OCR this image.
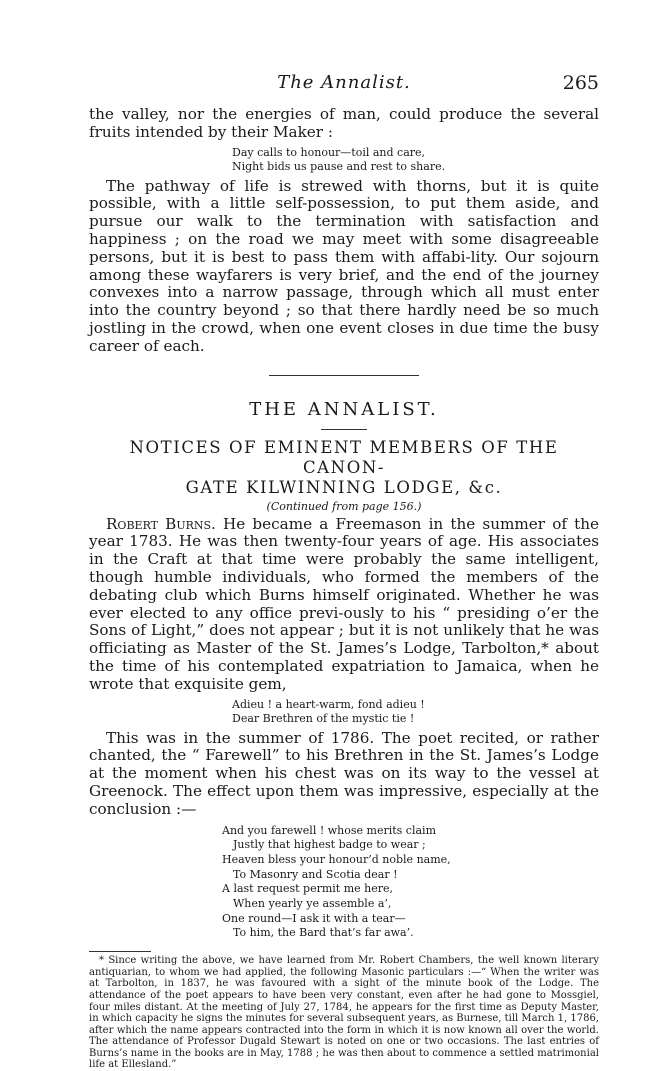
The Annalist.	265

the valley, nor the energies of man, could produce the several fruits intended by their Maker :

Day calls to honour—toil and care,
Night bids us pause and rest to share.

The pathway of life is strewed with thorns, but it is quite possible, with a little self-possession, to put them aside, and pursue our walk to the termination with satisfaction and happiness ; on the road we may meet with some disagreeable persons, but it is best to pass them with affabi-lity. Our sojourn among these wayfarers is very brief, and the end of the journey convexes into a narrow passage, through which all must enter into the country beyond ; so that there hardly need be so much jostling in the crowd, when one event closes in due time the busy career of each.

THE ANNALIST.
NOTICES OF EMINENT MEMBERS OF THE CANON-
GATE KILWINNING LODGE, &c.
(Continued from page 156.)

Robert Burns. He became a Freemason in the summer of the year 1783. He was then twenty-four years of age. His associates in the Craft at that time were probably the same intelligent, though humble individuals, who formed the members of the debating club which Burns himself originated. Whether he was ever elected to any office previ-ously to his “ presiding o’er the Sons of Light,” does not appear ; but it is not unlikely that he was officiating as Master of the St. James’s Lodge, Tarbolton,* about the time of his contemplated expatriation to Jamaica, when he wrote that exquisite gem,

Adieu ! a heart-warm, fond adieu !
Dear Brethren of the mystic tie !

This was in the summer of 1786. The poet recited, or rather chanted, the “ Farewell” to his Brethren in the St. James’s Lodge at the moment when his chest was on its way to the vessel at Greenock. The effect upon them was impressive, especially at the conclusion :—

And you farewell ! whose merits claim
Justly that highest badge to wear ;
Heaven bless your honour’d noble name,
To Masonry and Scotia dear !
A last request permit me here,
When yearly ye assemble a’,
One round—I ask it with a tear—
To him, the Bard that’s far awa’.

* Since writing the above, we have learned from Mr. Robert Chambers, the well known literary antiquarian, to whom we had applied, the following Masonic particulars :—“ When the writer was at Tarbolton, in 1837, he was favoured with a sight of the minute book of the Lodge. The attendance of the poet appears to have been very constant, even after he had gone to Mossgiel, four miles distant. At the meeting of July 27, 1784, he appears for the first time as Deputy Master, in which capacity he signs the minutes for several subsequent years, as Burnese, till March 1, 1786, after which the name appears contracted into the form in which it is now known all over the world. The attendance of Professor Dugald Stewart is noted on one or two occasions. The last entries of Burns’s name in the books are in May, 1788 ; he was then about to commence a settled matrimonial life at Ellesland.”
